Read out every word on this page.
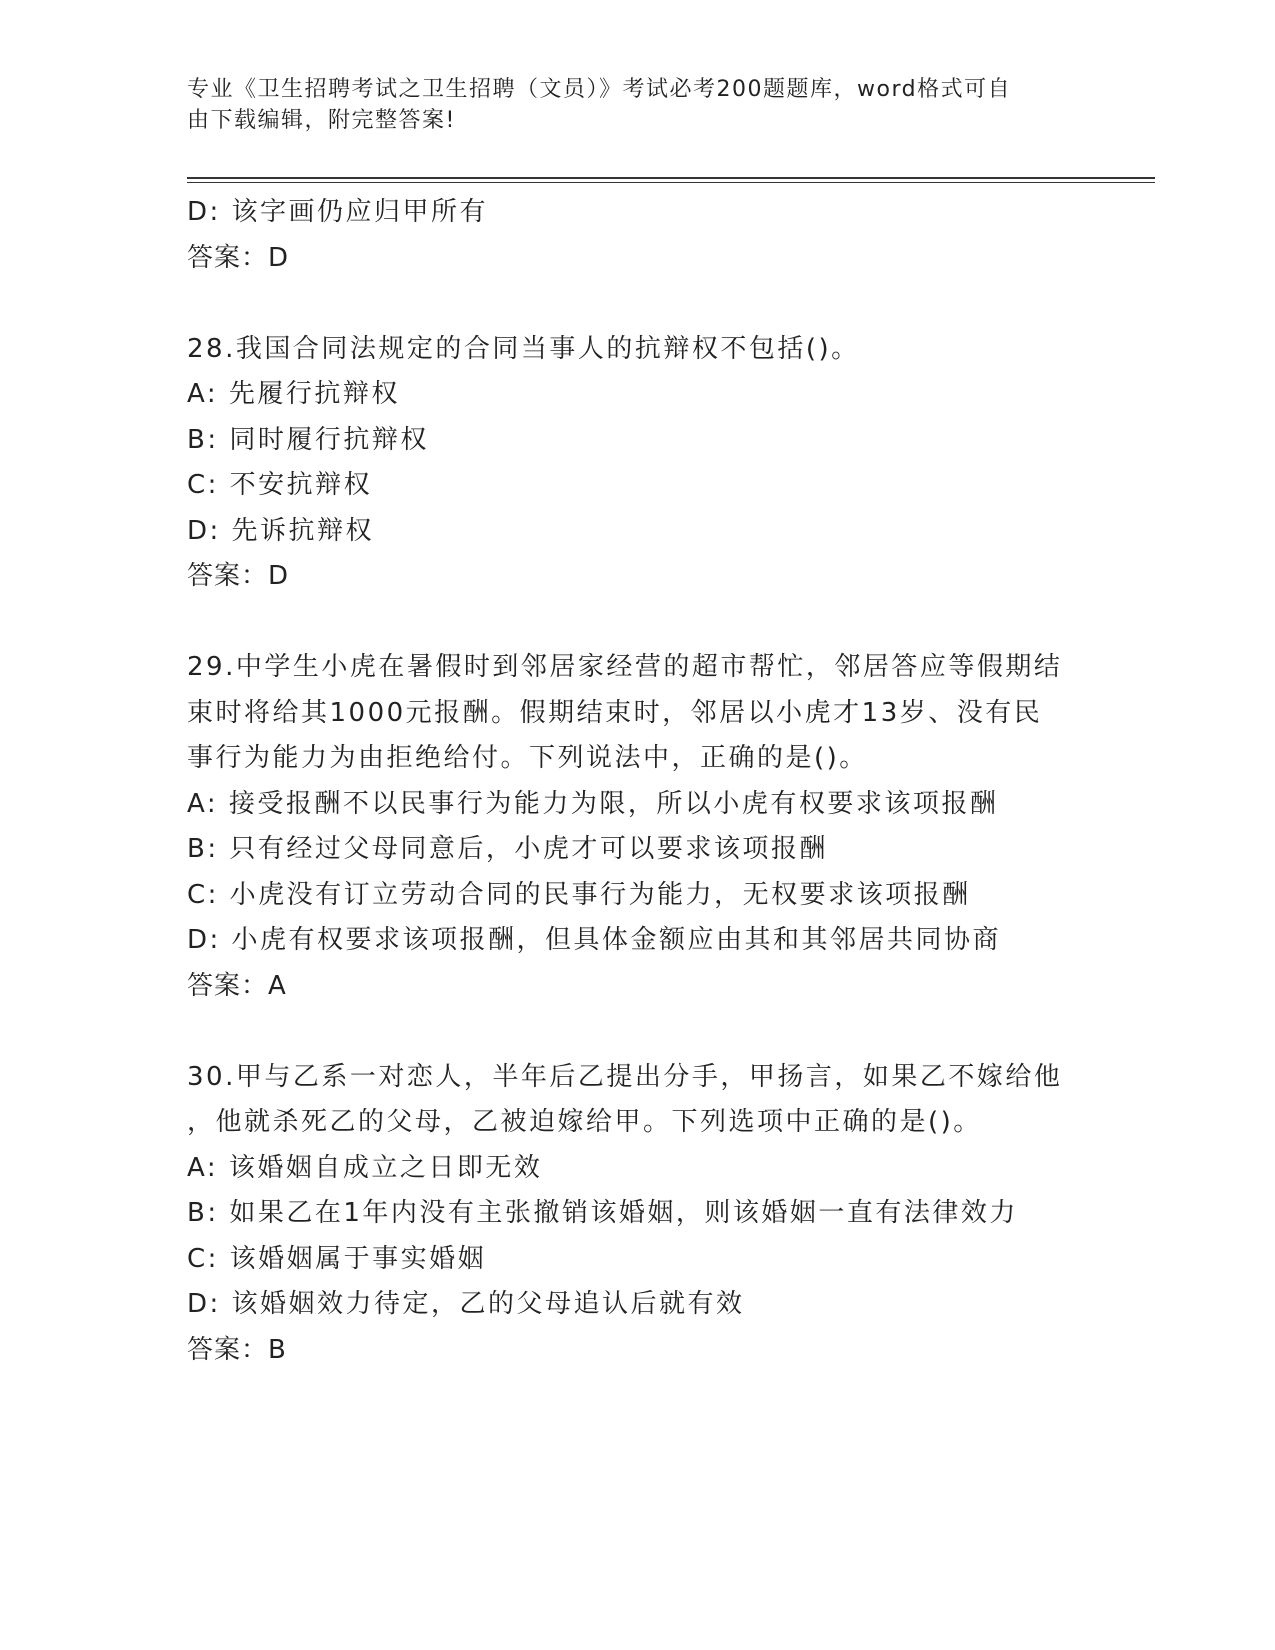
专业《卫生招聘考试之卫生招聘（文员）》考试必考200题题库，word格式可自
由下载编辑，附完整答案!
D: 该字画仍应归甲所有
答案：D
28.我国合同法规定的合同当事人的抗辩权不包括()。
A: 先履行抗辩权
B: 同时履行抗辩权
C: 不安抗辩权
D: 先诉抗辩权
答案：D
29.中学生小虎在暑假时到邻居家经营的超市帮忙，邻居答应等假期结
束时将给其1000元报酬。假期结束时，邻居以小虎才13岁、没有民
事行为能力为由拒绝给付。下列说法中，正确的是()。
A: 接受报酬不以民事行为能力为限，所以小虎有权要求该项报酬
B: 只有经过父母同意后，小虎才可以要求该项报酬
C: 小虎没有订立劳动合同的民事行为能力，无权要求该项报酬
D: 小虎有权要求该项报酬，但具体金额应由其和其邻居共同协商
答案：A
30.甲与乙系一对恋人，半年后乙提出分手，甲扬言，如果乙不嫁给他
，他就杀死乙的父母，乙被迫嫁给甲。下列选项中正确的是()。
A: 该婚姻自成立之日即无效
B: 如果乙在1年内没有主张撤销该婚姻，则该婚姻一直有法律效力
C: 该婚姻属于事实婚姻
D: 该婚姻效力待定，乙的父母追认后就有效
答案：B
